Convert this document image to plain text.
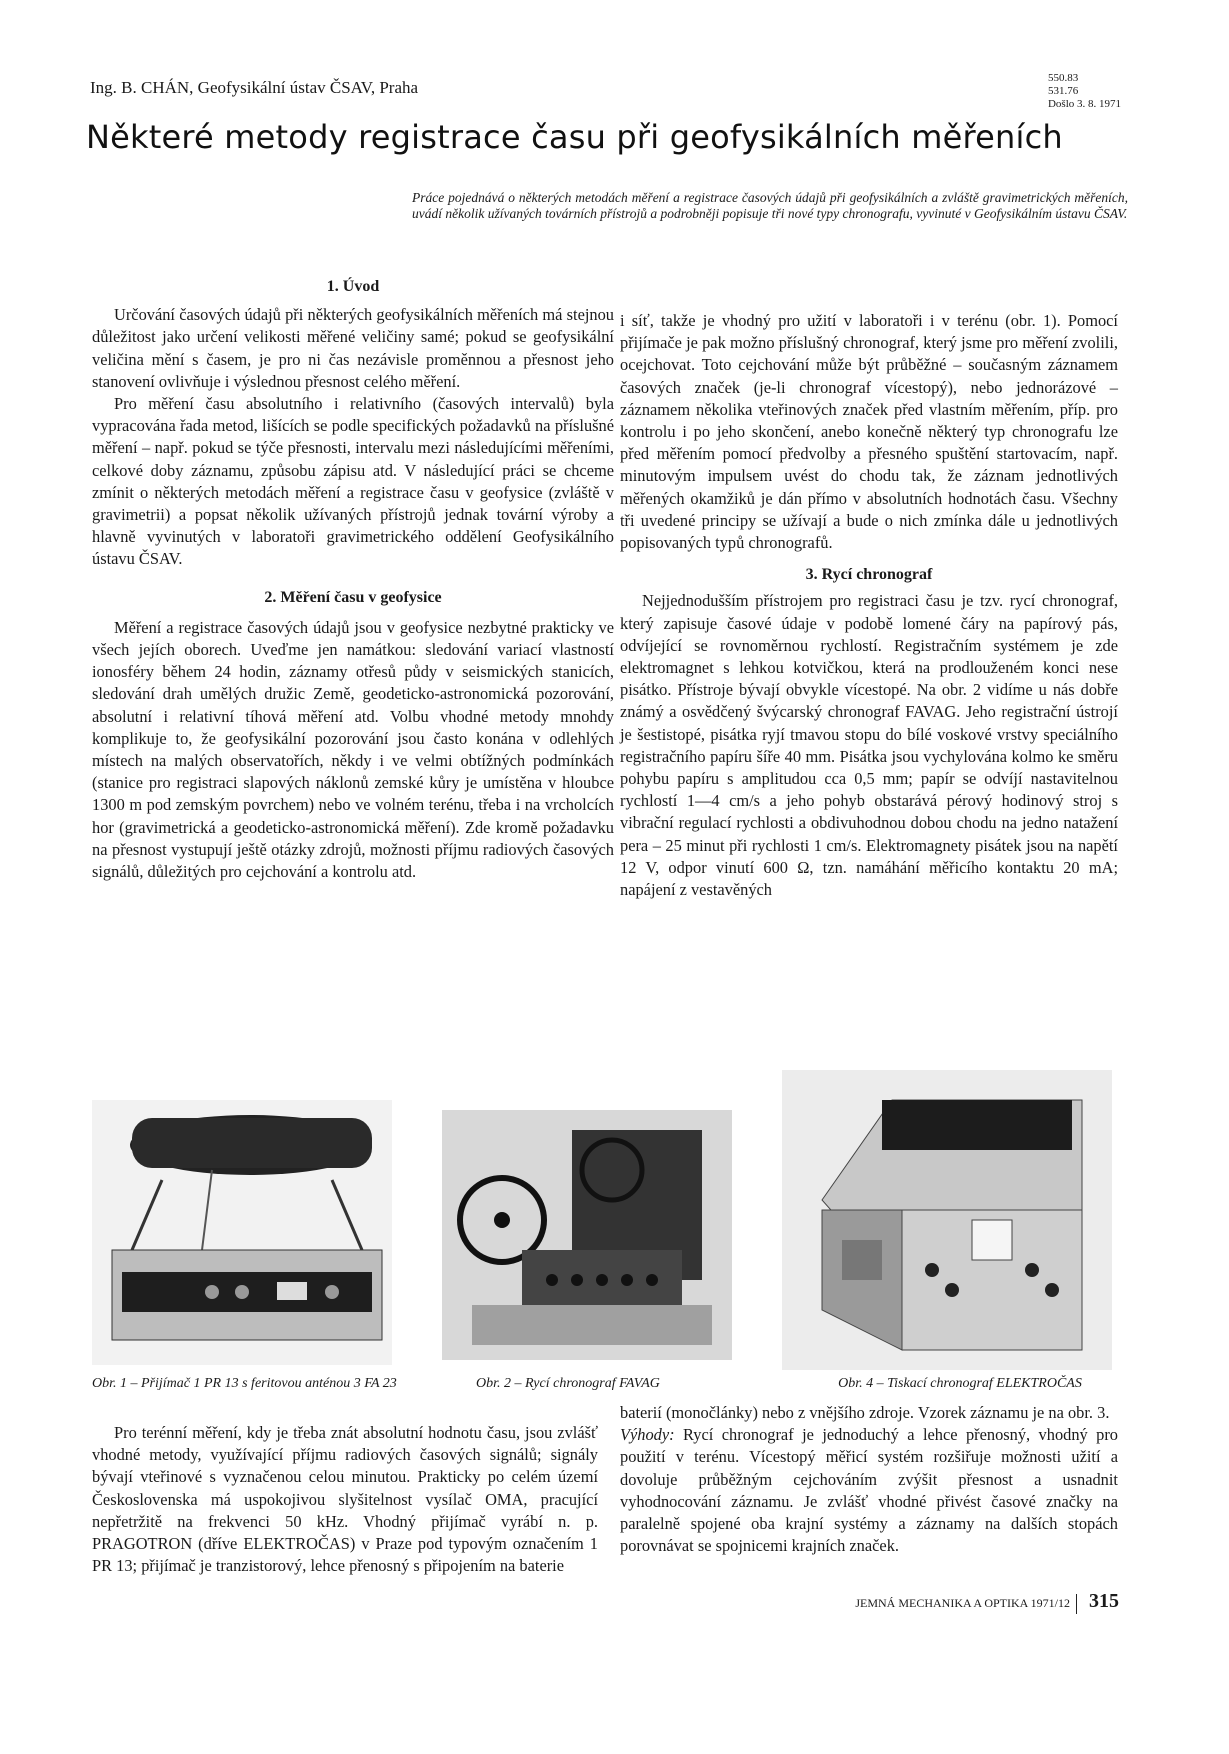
Ing. B. CHÁN, Geofysikální ústav ČSAV, Praha	550.83
531.76
Došlo 3. 8. 1971
Některé metody registrace času při geofysikálních měřeních
Práce pojednává o některých metodách měření a registrace časových údajů při geofysikálních a zvláště gravimetrických měřeních, uvádí několik užívaných továrních přístrojů a podrobněji popisuje tři nové typy chronografu, vyvinuté v Geofysikálním ústavu ČSAV.
1. Úvod

Určování časových údajů při některých geofysikálních měřeních má stejnou důležitost jako určení velikosti měřené veličiny samé; pokud se geofysikální veličina mění s časem, je pro ni čas nezávisle proměnnou a přesnost jeho stanovení ovlivňuje i výslednou přesnost celého měření.

Pro měření času absolutního i relativního (časových intervalů) byla vypracována řada metod, lišících se podle specifických požadavků na příslušné měření – např. pokud se týče přesnosti, intervalu mezi následujícími měřeními, celkové doby záznamu, způsobu zápisu atd. V následující práci se chceme zmínit o některých metodách měření a registrace času v geofysice (zvláště v gravimetrii) a popsat několik užívaných přístrojů jednak tovární výroby a hlavně vyvinutých v laboratoři gravimetrického oddělení Geofysikálního ústavu ČSAV.

2. Měření času v geofysice

Měření a registrace časových údajů jsou v geofysice nezbytné prakticky ve všech jejích oborech. Uveďme jen namátkou: sledování variací vlastností ionosféry během 24 hodin, záznamy otřesů půdy v seismických stanicích, sledování drah umělých družic Země, geodeticko-astronomická pozorování, absolutní i relativní tíhová měření atd. Volbu vhodné metody mnohdy komplikuje to, že geofysikální pozorování jsou často konána v odlehlých místech na malých observatořích, někdy i ve velmi obtížných podmínkách (stanice pro registraci slapových náklonů zemské kůry je umístěna v hloubce 1300 m pod zemským povrchem) nebo ve volném terénu, třeba i na vrcholcích hor (gravimetrická a geodeticko-astronomická měření). Zde kromě požadavku na přesnost vystupují ještě otázky zdrojů, možnosti příjmu radiových časových signálů, důležitých pro cejchování a kontrolu atd.

i síť, takže je vhodný pro užití v laboratoři i v terénu (obr. 1). Pomocí přijímače je pak možno příslušný chronograf, který jsme pro měření zvolili, ocejchovat. Toto cejchování může být průběžné – současným záznamem časových značek (je-li chronograf vícestopý), nebo jednorázové – záznamem několika vteřinových značek před vlastním měřením, příp. pro kontrolu i po jeho skončení, anebo konečně některý typ chronografu lze před měřením pomocí předvolby a přesného spuštění startovacím, např. minutovým impulsem uvést do chodu tak, že záznam jednotlivých měřených okamžiků je dán přímo v absolutních hodnotách času. Všechny tři uvedené principy se užívají a bude o nich zmínka dále u jednotlivých popisovaných typů chronografů.

3. Rycí chronograf

Nejjednodušším přístrojem pro registraci času je tzv. rycí chronograf, který zapisuje časové údaje v podobě lomené čáry na papírový pás, odvíjející se rovnoměrnou rychlostí. Registračním systémem je zde elektromagnet s lehkou kotvičkou, která na prodlouženém konci nese pisátko. Přístroje bývají obvykle vícestopé. Na obr. 2 vidíme u nás dobře známý a osvědčený švýcarský chronograf FAVAG. Jeho registrační ústrojí je šestistopé, pisátka ryjí tmavou stopu do bílé voskové vrstvy speciálního registračního papíru šíře 40 mm. Pisátka jsou vychylována kolmo ke směru pohybu papíru s amplitudou cca 0,5 mm; papír se odvíjí nastavitelnou rychlostí 1—4 cm/s a jeho pohyb obstarává pérový hodinový stroj s vibrační regulací rychlosti a obdivuhodnou dobou chodu na jedno natažení pera – 25 minut při rychlosti 1 cm/s. Elektromagnety pisátek jsou na napětí 12 V, odpor vinutí 600 Ω, tzn. namáhání měřicího kontaktu 20 mA; napájení z vestavěných

Obr. 1 – Přijímač 1 PR 13 s feritovou anténou 3 FA 23	Obr. 2 – Rycí chronograf FAVAG	Obr. 4 – Tiskací chronograf ELEKTROČAS

Pro terénní měření, kdy je třeba znát absolutní hodnotu času, jsou zvlášť vhodné metody, využívající příjmu radiových časových signálů; signály bývají vteřinové s vyznačenou celou minutou. Prakticky po celém území Československa má uspokojivou slyšitelnost vysílač OMA, pracující nepřetržitě na frekvenci 50 kHz. Vhodný přijímač vyrábí n. p. PRAGOTRON (dříve ELEKTROČAS) v Praze pod typovým označením 1 PR 13; přijímač je tranzistorový, lehce přenosný s připojením na baterie

baterií (monočlánky) nebo z vnějšího zdroje. Vzorek záznamu je na obr. 3.

Výhody: Rycí chronograf je jednoduchý a lehce přenosný, vhodný pro použití v terénu. Vícestopý měřicí systém rozšiřuje možnosti užití a dovoluje průběžným cejchováním zvýšit přesnost a usnadnit vyhodnocování záznamu. Je zvlášť vhodné přivést časové značky na paralelně spojené oba krajní systémy a záznamy na dalších stopách porovnávat se spojnicemi krajních značek.

JEMNÁ MECHANIKA A OPTIKA 1971/12 315
